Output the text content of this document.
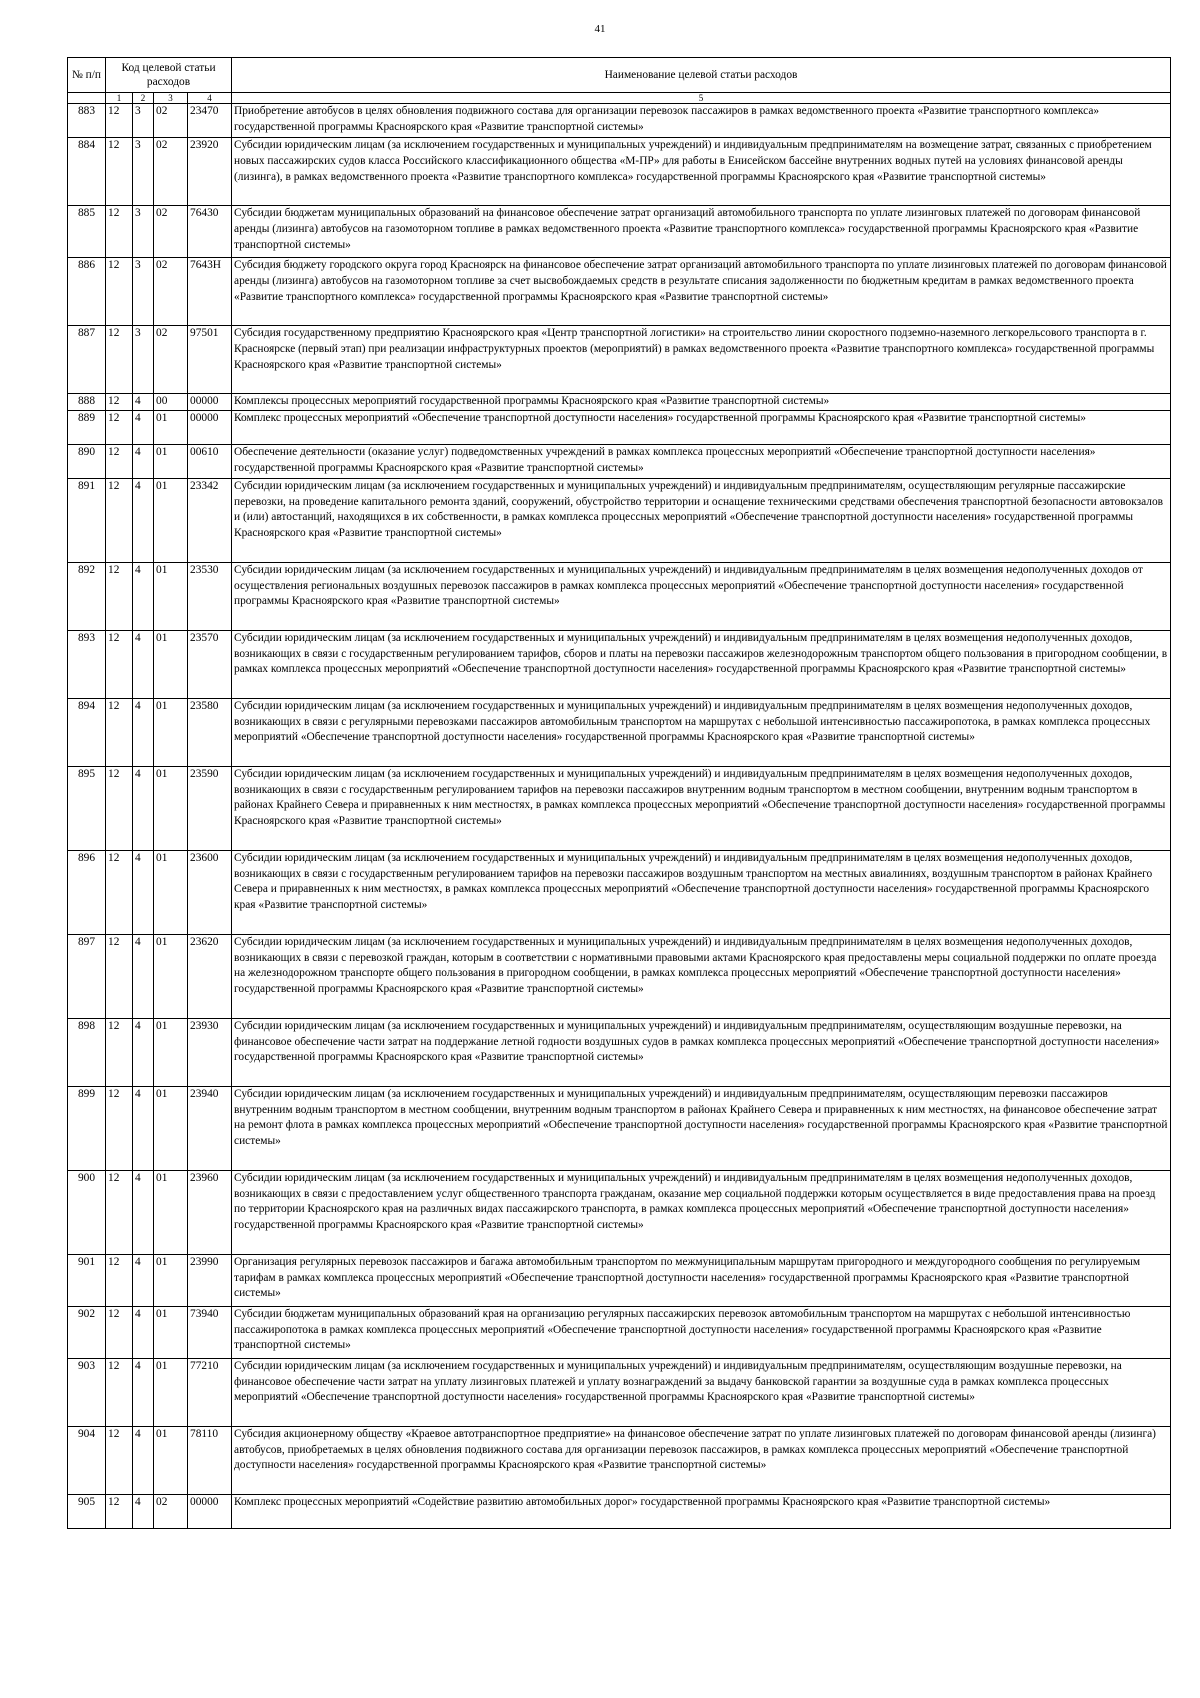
41
№ п/п	Код целевой статьи расходов				Наименование целевой статьи расходов
	1	2	3	4	5
883	12	3	02	23470	Приобретение автобусов в целях обновления подвижного состава для организации перевозок пассажиров в рамках ведомственного проекта «Развитие транспортного комплекса» государственной программы Красноярского края «Развитие транспортной системы»
884	12	3	02	23920	Субсидии юридическим лицам (за исключением государственных и муниципальных учреждений) и индивидуальным предпринимателям на возмещение затрат, связанных с приобретением новых пассажирских судов класса Российского классификационного общества «М-ПР» для работы в Енисейском бассейне внутренних водных путей на условиях финансовой аренды (лизинга), в рамках ведомственного проекта «Развитие транспортного комплекса» государственной программы Красноярского края «Развитие транспортной системы»
885	12	3	02	76430	Субсидии бюджетам муниципальных образований на финансовое обеспечение затрат организаций автомобильного транспорта по уплате лизинговых платежей по договорам финансовой аренды (лизинга) автобусов на газомоторном топливе в рамках ведомственного проекта «Развитие транспортного комплекса» государственной программы Красноярского края «Развитие транспортной системы»
886	12	3	02	7643Н	Субсидия бюджету городского округа город Красноярск на финансовое обеспечение затрат организаций автомобильного транспорта по уплате лизинговых платежей по договорам финансовой аренды (лизинга) автобусов на газомоторном топливе за счет высвобождаемых средств в результате списания задолженности по бюджетным кредитам в рамках ведомственного проекта «Развитие транспортного комплекса» государственной программы Красноярского края «Развитие транспортной системы»
887	12	3	02	97501	Субсидия государственному предприятию Красноярского края «Центр транспортной логистики» на строительство линии скоростного подземно-наземного легкорельсового транспорта в г. Красноярске (первый этап) при реализации инфраструктурных проектов (мероприятий) в рамках ведомственного проекта «Развитие транспортного комплекса» государственной программы Красноярского края «Развитие транспортной системы»
888	12	4	00	00000	Комплексы процессных мероприятий государственной программы Красноярского края «Развитие транспортной системы»
889	12	4	01	00000	Комплекс процессных мероприятий «Обеспечение транспортной доступности населения» государственной программы Красноярского края «Развитие транспортной системы»
890	12	4	01	00610	Обеспечение деятельности (оказание услуг) подведомственных учреждений в рамках комплекса процессных мероприятий «Обеспечение транспортной доступности населения» государственной программы Красноярского края «Развитие транспортной системы»
891	12	4	01	23342	Субсидии юридическим лицам (за исключением государственных и муниципальных учреждений) и индивидуальным предпринимателям, осуществляющим регулярные пассажирские перевозки, на проведение капитального ремонта зданий, сооружений, обустройство территории и оснащение техническими средствами обеспечения транспортной безопасности автовокзалов и (или) автостанций, находящихся в их собственности, в рамках комплекса процессных мероприятий «Обеспечение транспортной доступности населения» государственной программы Красноярского края «Развитие транспортной системы»
892	12	4	01	23530	Субсидии юридическим лицам (за исключением государственных и муниципальных учреждений) и индивидуальным предпринимателям в целях возмещения недополученных доходов от осуществления региональных воздушных перевозок пассажиров в рамках комплекса процессных мероприятий «Обеспечение транспортной доступности населения» государственной программы Красноярского края «Развитие транспортной системы»
893	12	4	01	23570	Субсидии юридическим лицам (за исключением государственных и муниципальных учреждений) и индивидуальным предпринимателям в целях возмещения недополученных доходов, возникающих в связи с государственным регулированием тарифов, сборов и платы на перевозки пассажиров железнодорожным транспортом общего пользования в пригородном сообщении, в рамках комплекса процессных мероприятий «Обеспечение транспортной доступности населения» государственной программы Красноярского края «Развитие транспортной системы»
894	12	4	01	23580	Субсидии юридическим лицам (за исключением государственных и муниципальных учреждений) и индивидуальным предпринимателям в целях возмещения недополученных доходов, возникающих в связи с регулярными перевозками пассажиров автомобильным транспортом на маршрутах с небольшой интенсивностью пассажиропотока, в рамках комплекса процессных мероприятий «Обеспечение транспортной доступности населения» государственной программы Красноярского края «Развитие транспортной системы»
895	12	4	01	23590	Субсидии юридическим лицам (за исключением государственных и муниципальных учреждений) и индивидуальным предпринимателям в целях возмещения недополученных доходов, возникающих в связи с государственным регулированием тарифов на перевозки пассажиров внутренним водным транспортом в местном сообщении, внутренним водным транспортом в районах Крайнего Севера и приравненных к ним местностях, в рамках комплекса процессных мероприятий «Обеспечение транспортной доступности населения» государственной программы Красноярского края «Развитие транспортной системы»
896	12	4	01	23600	Субсидии юридическим лицам (за исключением государственных и муниципальных учреждений) и индивидуальным предпринимателям в целях возмещения недополученных доходов, возникающих в связи с государственным регулированием тарифов на перевозки пассажиров воздушным транспортом на местных авиалиниях, воздушным транспортом в районах Крайнего Севера и приравненных к ним местностях, в рамках комплекса процессных мероприятий «Обеспечение транспортной доступности населения» государственной программы Красноярского края «Развитие транспортной системы»
897	12	4	01	23620	Субсидии юридическим лицам (за исключением государственных и муниципальных учреждений) и индивидуальным предпринимателям в целях возмещения недополученных доходов, возникающих в связи с перевозкой граждан, которым в соответствии с нормативными правовыми актами Красноярского края предоставлены меры социальной поддержки по оплате проезда на железнодорожном транспорте общего пользования в пригородном сообщении, в рамках комплекса процессных мероприятий «Обеспечение транспортной доступности населения» государственной программы Красноярского края «Развитие транспортной системы»
898	12	4	01	23930	Субсидии юридическим лицам (за исключением государственных и муниципальных учреждений) и индивидуальным предпринимателям, осуществляющим воздушные перевозки, на финансовое обеспечение части затрат на поддержание летной годности воздушных судов в рамках комплекса процессных мероприятий «Обеспечение транспортной доступности населения» государственной программы Красноярского края «Развитие транспортной системы»
899	12	4	01	23940	Субсидии юридическим лицам (за исключением государственных и муниципальных учреждений) и индивидуальным предпринимателям, осуществляющим перевозки пассажиров внутренним водным транспортом в местном сообщении, внутренним водным транспортом в районах Крайнего Севера и приравненных к ним местностях, на финансовое обеспечение затрат на ремонт флота в рамках комплекса процессных мероприятий «Обеспечение транспортной доступности населения» государственной программы Красноярского края «Развитие транспортной системы»
900	12	4	01	23960	Субсидии юридическим лицам (за исключением государственных и муниципальных учреждений) и индивидуальным предпринимателям в целях возмещения недополученных доходов, возникающих в связи с предоставлением услуг общественного транспорта гражданам, оказание мер социальной поддержки которым осуществляется в виде предоставления права на проезд по территории Красноярского края на различных видах пассажирского транспорта, в рамках комплекса процессных мероприятий «Обеспечение транспортной доступности населения» государственной программы Красноярского края «Развитие транспортной системы»
901	12	4	01	23990	Организация регулярных перевозок пассажиров и багажа автомобильным транспортом по межмуниципальным маршрутам пригородного и междугородного сообщения по регулируемым тарифам в рамках комплекса процессных мероприятий «Обеспечение транспортной доступности населения» государственной программы Красноярского края «Развитие транспортной системы»
902	12	4	01	73940	Субсидии бюджетам муниципальных образований края на организацию регулярных пассажирских перевозок автомобильным транспортом на маршрутах с небольшой интенсивностью пассажиропотока в рамках комплекса процессных мероприятий «Обеспечение транспортной доступности населения» государственной программы Красноярского края «Развитие транспортной системы»
903	12	4	01	77210	Субсидии юридическим лицам (за исключением государственных и муниципальных учреждений) и индивидуальным предпринимателям, осуществляющим воздушные перевозки, на финансовое обеспечение части затрат на уплату лизинговых платежей и уплату вознаграждений за выдачу банковской гарантии за воздушные суда в рамках комплекса процессных мероприятий «Обеспечение транспортной доступности населения» государственной программы Красноярского края «Развитие транспортной системы»
904	12	4	01	78110	Субсидия акционерному обществу «Краевое автотранспортное предприятие» на финансовое обеспечение затрат по уплате лизинговых платежей по договорам финансовой аренды (лизинга) автобусов, приобретаемых в целях обновления подвижного состава для организации перевозок пассажиров, в рамках комплекса процессных мероприятий «Обеспечение транспортной доступности населения» государственной программы Красноярского края «Развитие транспортной системы»
905	12	4	02	00000	Комплекс процессных мероприятий «Содействие развитию автомобильных дорог» государственной программы Красноярского края «Развитие транспортной системы»
